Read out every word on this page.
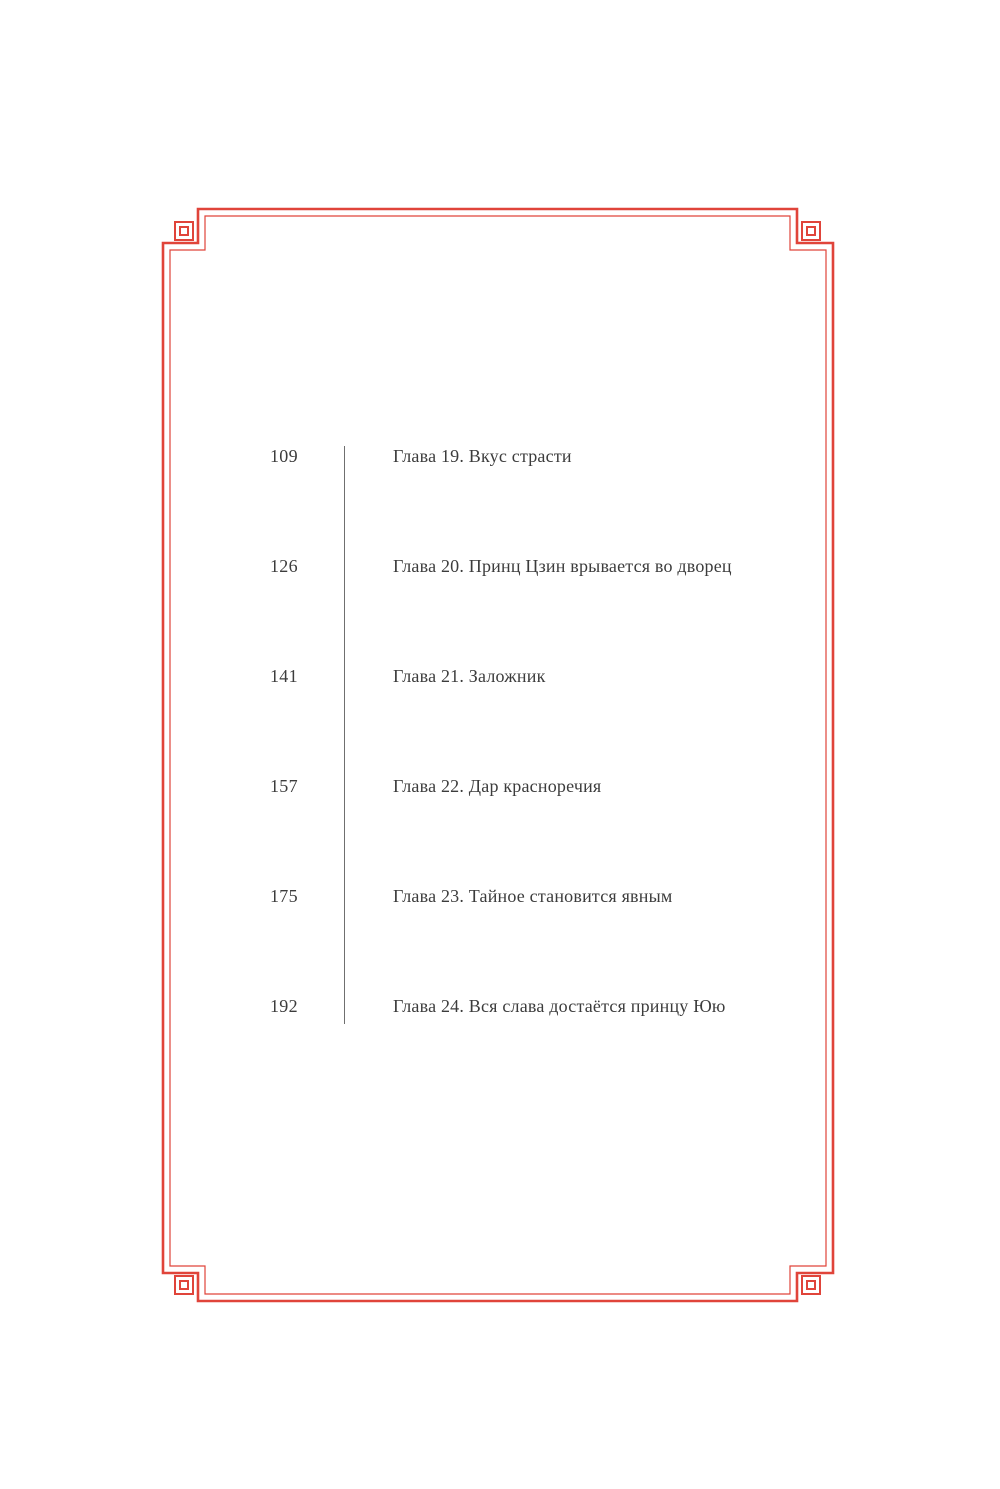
109	Глава 19. Вкус страсти
126	Глава 20. Принц Цзин врывается во дворец
141	Глава 21. Заложник
157	Глава 22. Дар красноречия
175	Глава 23. Тайное становится явным
192	Глава 24. Вся слава достаётся принцу Юю
